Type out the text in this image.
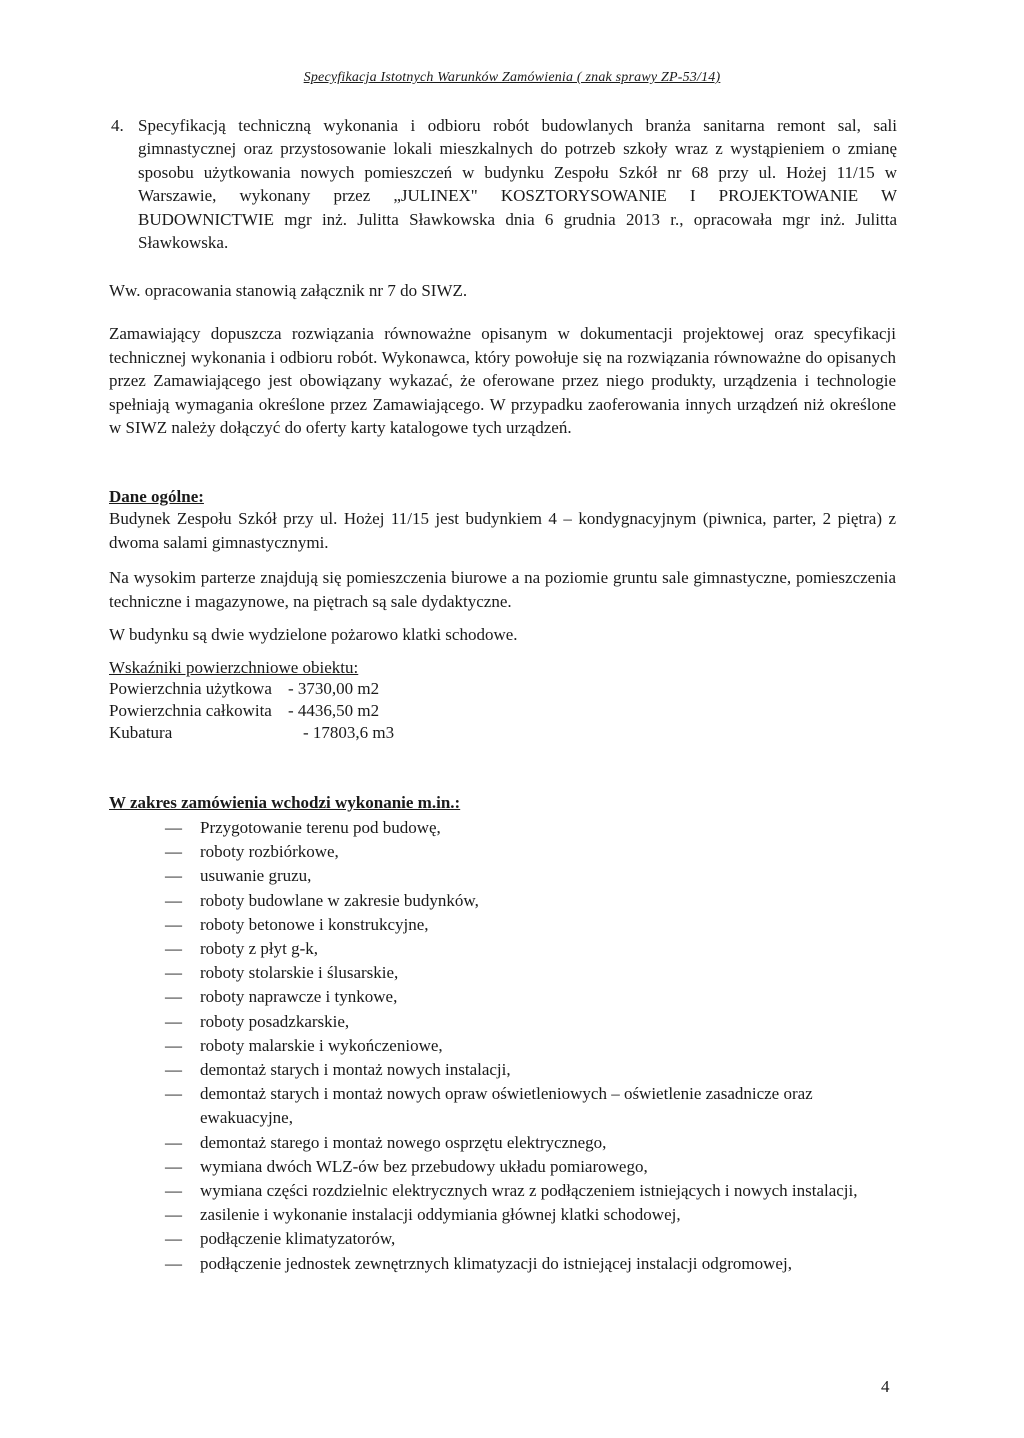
Specyfikacja Istotnych Warunków Zamówienia ( znak sprawy ZP-53/14)
4. Specyfikacją techniczną wykonania i odbioru robót budowlanych branża sanitarna remont sal, sali gimnastycznej oraz przystosowanie lokali mieszkalnych do potrzeb szkoły wraz z wystąpieniem o zmianę sposobu użytkowania nowych pomieszczeń w budynku Zespołu Szkół nr 68 przy ul. Hożej 11/15 w Warszawie, wykonany przez „JULINEX" KOSZTORYSOWANIE I PROJEKTOWANIE W BUDOWNICTWIE mgr inż. Julitta Sławkowska dnia 6 grudnia 2013 r., opracowała mgr inż. Julitta Sławkowska.
Ww. opracowania stanowią załącznik nr 7 do SIWZ.
Zamawiający dopuszcza rozwiązania równoważne opisanym w dokumentacji projektowej oraz specyfikacji technicznej wykonania i odbioru robót. Wykonawca, który powołuje się na rozwiązania równoważne do opisanych przez Zamawiającego jest obowiązany wykazać, że oferowane przez niego produkty, urządzenia i technologie spełniają wymagania określone przez Zamawiającego. W przypadku zaoferowania innych urządzeń niż określone w SIWZ należy dołączyć do oferty karty katalogowe tych urządzeń.
Dane ogólne:
Budynek Zespołu Szkół przy ul. Hożej 11/15 jest budynkiem 4 – kondygnacyjnym (piwnica, parter, 2 piętra) z dwoma salami gimnastycznymi.
Na wysokim parterze znajdują się pomieszczenia biurowe a na poziomie gruntu sale gimnastyczne, pomieszczenia techniczne i magazynowe, na piętrach są sale dydaktyczne.
W budynku są dwie wydzielone pożarowo klatki schodowe.
Wskaźniki powierzchniowe obiektu:
Powierzchnia użytkowa - 3730,00 m2
Powierzchnia całkowita - 4436,50 m2
Kubatura	- 17803,6 m3
W zakres zamówienia wchodzi wykonanie m.in.:
— Przygotowanie terenu pod budowę,
— roboty rozbiórkowe,
— usuwanie gruzu,
— roboty budowlane w zakresie budynków,
— roboty betonowe i konstrukcyjne,
— roboty z płyt g-k,
— roboty stolarskie i ślusarskie,
— roboty naprawcze i tynkowe,
— roboty posadzkarskie,
— roboty malarskie i wykończeniowe,
— demontaż starych i montaż nowych instalacji,
— demontaż starych i montaż nowych opraw oświetleniowych – oświetlenie zasadnicze oraz ewakuacyjne,
— demontaż starego i montaż nowego osprzętu elektrycznego,
— wymiana dwóch WLZ-ów bez przebudowy układu pomiarowego,
— wymiana części rozdzielnic elektrycznych wraz z podłączeniem istniejących i nowych instalacji,
— zasilenie i wykonanie instalacji oddymiania głównej klatki schodowej,
— podłączenie klimatyzatorów,
— podłączenie jednostek zewnętrznych klimatyzacji do istniejącej instalacji odgromowej,
4
